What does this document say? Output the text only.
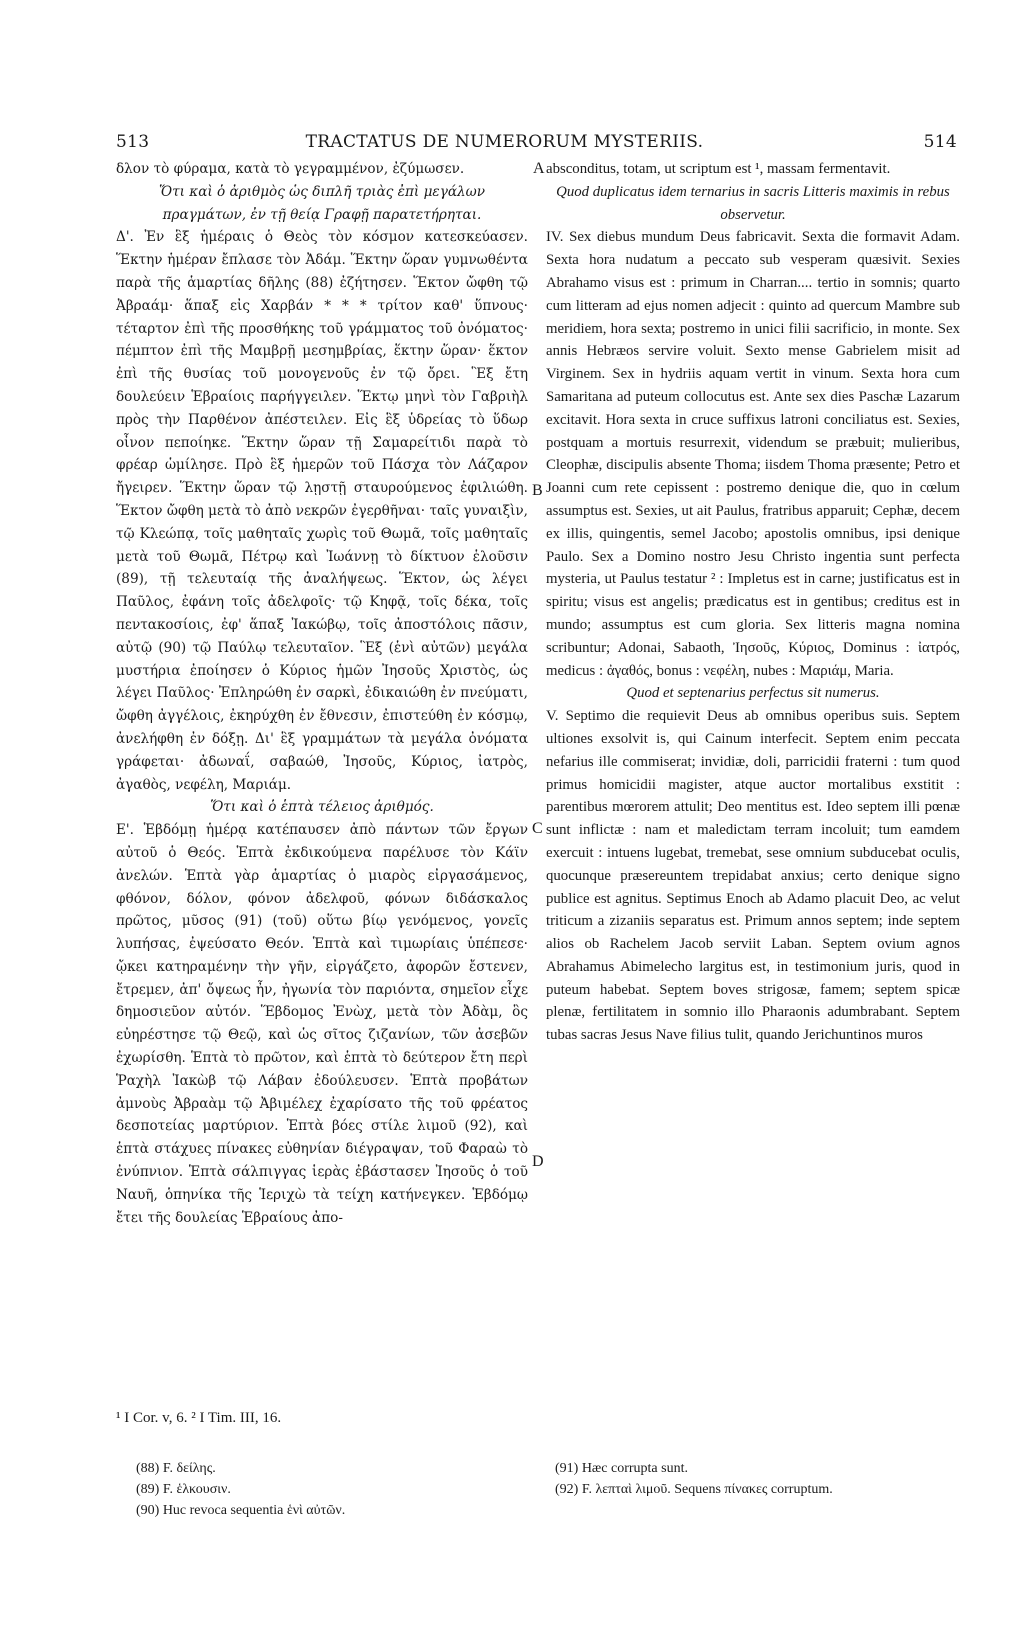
513	TRACTATUS DE NUMERORUM MYSTERIIS.	514

δλον τὸ φύραμα, κατὰ τὸ γεγραμμένον, ἐζύμωσεν.

Ὅτι καὶ ὁ ἀριθμὸς ὡς διπλῆ τριὰς ἐπὶ μεγάλων πραγμάτων, ἐν τῇ θείᾳ Γραφῇ παρατετήρηται.

Δ'. Ἐν ἓξ ἡμέραις ὁ Θεὸς τὸν κόσμον κατεσκεύασεν. Ἕκτην ἡμέραν ἔπλασε τὸν Ἀδάμ. Ἕκτην ὥραν γυμνωθέντα παρὰ τῆς ἁμαρτίας δῆλης (88) ἐζήτησεν. Ἕκτον ὤφθη τῷ Ἀβραάμ· ἅπαξ εἰς Χαρβάν * * * τρίτον καθ' ὕπνους· τέταρτον ἐπὶ τῆς προσθήκης τοῦ γράμματος τοῦ ὀνόματος· πέμπτον ἐπὶ τῆς Μαμβρῇ μεσημβρίας, ἕκτην ὥραν· ἕκτον ἐπὶ τῆς θυσίας τοῦ μονογενοῦς ἐν τῷ ὄρει. Ἓξ ἔτη δουλεύειν Ἑβραίοις παρήγγειλεν. Ἕκτῳ μηνὶ τὸν Γαβριὴλ πρὸς τὴν Παρθένον ἀπέστειλεν. Εἰς ἓξ ὑδρείας τὸ ὕδωρ οἶνον πεποίηκε. Ἕκτην ὥραν τῇ Σαμαρείτιδι παρὰ τὸ φρέαρ ὡμίλησε. Πρὸ ἓξ ἡμερῶν τοῦ Πάσχα τὸν Λάζαρον ἤγειρεν. Ἕκτην ὥραν τῷ λῃστῇ σταυρούμενος ἐφιλιώθη. Ἕκτον ὤφθη μετὰ τὸ ἀπὸ νεκρῶν ἐγερθῆναι· ταῖς γυναιξὶν, τῷ Κλεώπᾳ, τοῖς μαθηταῖς χωρὶς τοῦ Θωμᾶ, τοῖς μαθηταῖς μετὰ τοῦ Θωμᾶ, Πέτρῳ καὶ Ἰωάννῃ τὸ δίκτυον ἑλοῦσιν (89), τῇ τελευταίᾳ τῆς ἀναλήψεως. Ἕκτον, ὡς λέγει Παῦλος, ἐφάνη τοῖς ἀδελφοῖς· τῷ Κηφᾷ, τοῖς δέκα, τοῖς πεντακοσίοις, ἐφ' ἅπαξ Ἰακώβῳ, τοῖς ἀποστόλοις πᾶσιν, αὐτῷ (90) τῷ Παύλῳ τελευταῖον. Ἓξ (ἑνὶ αὐτῶν) μεγάλα μυστήρια ἐποίησεν ὁ Κύριος ἡμῶν Ἰησοῦς Χριστὸς, ὡς λέγει Παῦλος· Ἐπληρώθη ἐν σαρκὶ, ἐδικαιώθη ἐν πνεύματι, ὤφθη ἀγγέλοις, ἐκηρύχθη ἐν ἔθνεσιν, ἐπιστεύθη ἐν κόσμῳ, ἀνελήφθη ἐν δόξῃ. Δι' ἓξ γραμμάτων τὰ μεγάλα ὀνόματα γράφεται· ἀδωναΐ, σαβαώθ, Ἰησοῦς, Κύριος, ἰατρὸς, ἀγαθὸς, νεφέλη, Μαριάμ.

Ὅτι καὶ ὁ ἑπτὰ τέλειος ἀριθμός.

Ε'. Ἑβδόμῃ ἡμέρᾳ κατέπαυσεν ἀπὸ πάντων τῶν ἔργων αὐτοῦ ὁ Θεός. Ἑπτὰ ἐκδικούμενα παρέλυσε τὸν Κάϊν ἀνελών. Ἑπτὰ γὰρ ἁμαρτίας ὁ μιαρὸς εἰργασάμενος, φθόνον, δόλον, φόνον ἀδελφοῦ, φόνων διδάσκαλος πρῶτος, μῦσος (91) (τοῦ) οὕτω βίῳ γενόμενος, γονεῖς λυπήσας, ἐψεύσατο Θεόν. Ἑπτὰ καὶ τιμωρίαις ὑπέπεσε· ᾤκει κατηραμένην τὴν γῆν, εἰργάζετο, ἀφορῶν ἔστενεν, ἔτρεμεν, ἀπ' ὄψεως ἦν, ἠγωνία τὸν παριόντα, σημεῖον εἶχε δημοσιεῦον αὐτόν. Ἕβδομος Ἐνὼχ, μετὰ τὸν Ἀδὰμ, ὃς εὐηρέστησε τῷ Θεῷ, καὶ ὡς σῖτος ζιζανίων, τῶν ἀσεβῶν ἐχωρίσθη. Ἑπτὰ τὸ πρῶτον, καὶ ἑπτὰ τὸ δεύτερον ἔτη περὶ Ῥαχὴλ Ἰακὼβ τῷ Λάβαν ἐδούλευσεν. Ἑπτὰ προβάτων ἀμνοὺς Ἀβραὰμ τῷ Ἀβιμέλεχ ἐχαρίσατο τῆς τοῦ φρέατος δεσποτείας μαρτύριον. Ἑπτὰ βόες στίλε λιμοῦ (92), καὶ ἑπτὰ στάχυες πίνακες εὐθηνίαν διέγραψαν, τοῦ Φαραὼ τὸ ἐνύπνιον. Ἑπτὰ σάλπιγγας ἱερὰς ἐβάστασεν Ἰησοῦς ὁ τοῦ Ναυῆ, ὁπηνίκα τῆς Ἱεριχὼ τὰ τείχη κατήνεγκεν. Ἑβδόμῳ ἔτει τῆς δουλείας Ἑβραίους ἀπο-

absconditus, totam, ut scriptum est ¹, massam fermentavit.

Quod duplicatus idem ternarius in sacris Litteris maximis in rebus observetur.

IV. Sex diebus mundum Deus fabricavit. Sexta die formavit Adam. Sexta hora nudatum a peccato sub vesperam quæsivit. Sexies Abrahamo visus est : primum in Charran.... tertio in somnis; quarto cum litteram ad ejus nomen adjecit : quinto ad quercum Mambre sub meridiem, hora sexta; postremo in unici filii sacrificio, in monte. Sex annis Hebræos servire voluit. Sexto mense Gabrielem misit ad Virginem. Sex in hydriis aquam vertit in vinum. Sexta hora cum Samaritana ad puteum collocutus est. Ante sex dies Paschæ Lazarum excitavit. Hora sexta in cruce suffixus latroni conciliatus est. Sexies, postquam a mortuis resurrexit, videndum se præbuit; mulieribus, Cleophæ, discipulis absente Thoma; iisdem Thoma præsente; Petro et Joanni cum rete cepissent : postremo denique die, quo in cœlum assumptus est. Sexies, ut ait Paulus, fratribus apparuit; Cephæ, decem ex illis, quingentis, semel Jacobo; apostolis omnibus, ipsi denique Paulo. Sex a Domino nostro Jesu Christo ingentia sunt perfecta mysteria, ut Paulus testatur ² : Impletus est in carne; justificatus est in spiritu; visus est angelis; prædicatus est in gentibus; creditus est in mundo; assumptus est cum gloria. Sex litteris magna nomina scribuntur; Adonai, Sabaoth, Ἰησοῦς, Κύριος, Dominus : ἰατρός, medicus : ἀγαθός, bonus : νεφέλη, nubes : Μαριάμ, Maria.

Quod et septenarius perfectus sit numerus.

V. Septimo die requievit Deus ab omnibus operibus suis. Septem ultiones exsolvit is, qui Cainum interfecit. Septem enim peccata nefarius ille commiserat; invidiæ, doli, parricidii fraterni : tum quod primus homicidii magister, atque auctor mortalibus exstitit : parentibus mœrorem attulit; Deo mentitus est. Ideo septem illi pœnæ sunt inflictæ : nam et maledictam terram incoluit; tum eamdem exercuit : intuens lugebat, tremebat, sese omnium subducebat oculis, quocunque præsereuntem trepidabat anxius; certo denique signo publice est agnitus. Septimus Enoch ab Adamo placuit Deo, ac velut triticum a zizaniis separatus est. Primum annos septem; inde septem alios ob Rachelem Jacob serviit Laban. Septem ovium agnos Abrahamus Abimelecho largitus est, in testimonium juris, quod in puteum habebat. Septem boves strigosæ, famem; septem spicæ plenæ, fertilitatem in somnio illo Pharaonis adumbrabant. Septem tubas sacras Jesus Nave filius tulit, quando Jerichuntinos muros

A
B
C
D
¹ I Cor. v, 6. ² I Tim. III, 16.

(88) F. δείλης.

(89) F. ἑλκουσιν.

(90) Huc revoca sequentia ἑνὶ αὐτῶν.

(91) Hæc corrupta sunt.

(92) F. λεπταὶ λιμοῦ. Sequens πίνακες corruptum.
